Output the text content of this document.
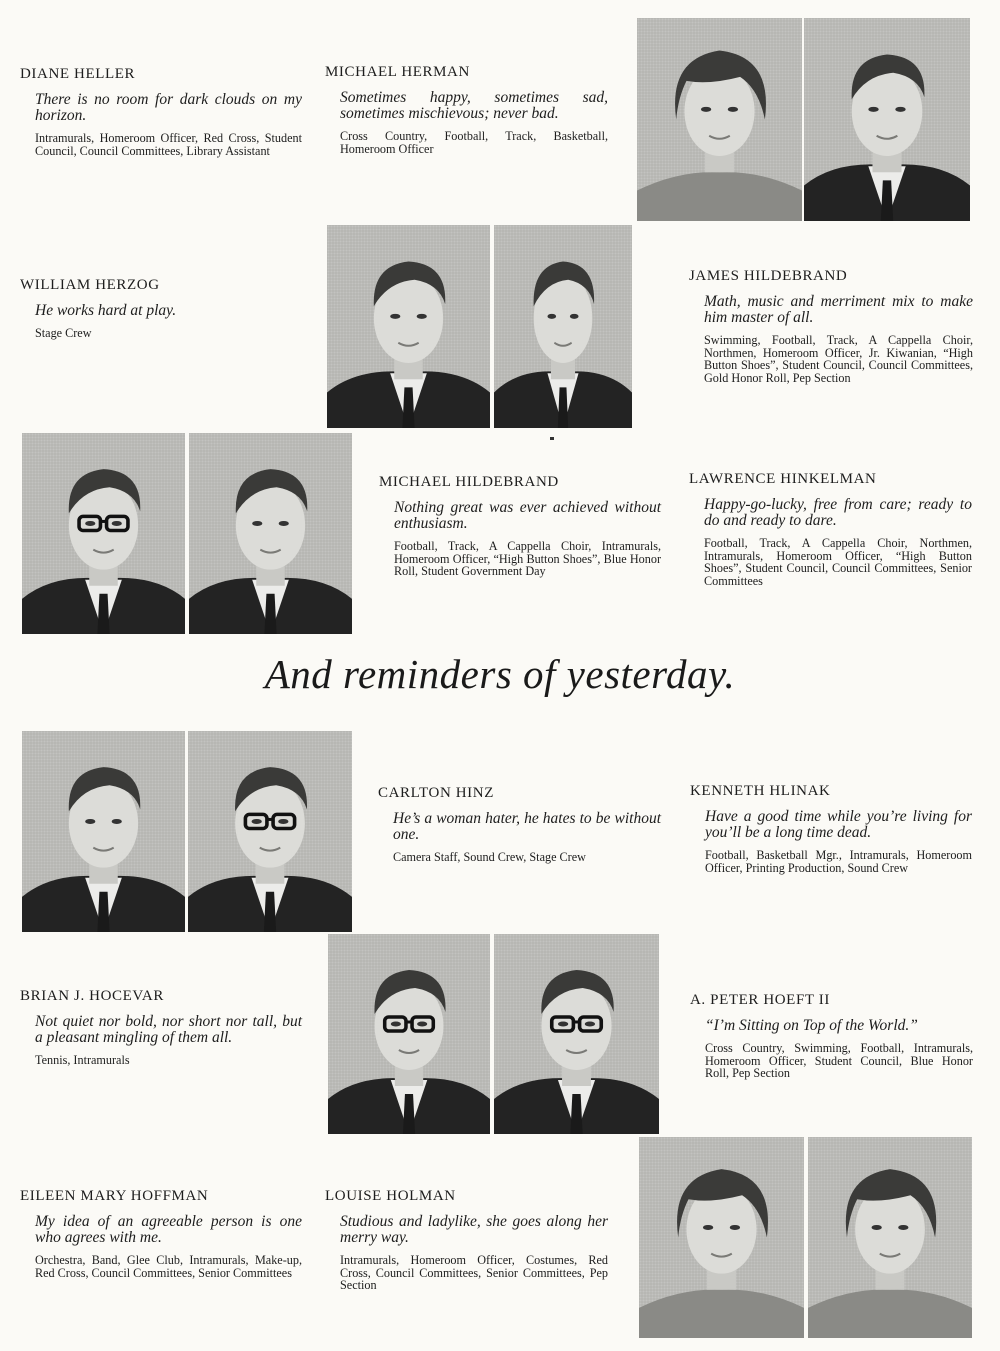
DIANE HELLER
There is no room for dark clouds on my horizon.
Intramurals, Homeroom Officer, Red Cross, Student Council, Council Committees, Library Assistant
MICHAEL HERMAN
Sometimes happy, sometimes sad, sometimes mischievous; never bad.
Cross Country, Football, Track, Basketball, Homeroom Officer
WILLIAM HERZOG
He works hard at play.
Stage Crew
JAMES HILDEBRAND
Math, music and merriment mix to make him master of all.
Swimming, Football, Track, A Cappella Choir, Northmen, Homeroom Officer, Jr. Kiwanian, “High Button Shoes”, Student Council, Council Committees, Gold Honor Roll, Pep Section
MICHAEL HILDEBRAND
Nothing great was ever achieved without enthusiasm.
Football, Track, A Cappella Choir, Intramurals, Homeroom Officer, “High Button Shoes”, Blue Honor Roll, Student Government Day
LAWRENCE HINKELMAN
Happy-go-lucky, free from care; ready to do and ready to dare.
Football, Track, A Cappella Choir, Northmen, Intramurals, Homeroom Officer, “High Button Shoes”, Student Council, Council Committees, Senior Committees
And reminders of yesterday.
CARLTON HINZ
He’s a woman hater, he hates to be without one.
Camera Staff, Sound Crew, Stage Crew
KENNETH HLINAK
Have a good time while you’re living for you’ll be a long time dead.
Football, Basketball Mgr., Intramurals, Homeroom Officer, Printing Production, Sound Crew
BRIAN J. HOCEVAR
Not quiet nor bold, nor short nor tall, but a pleasant mingling of them all.
Tennis, Intramurals
A. PETER HOEFT II
“I’m Sitting on Top of the World.”
Cross Country, Swimming, Football, Intramurals, Homeroom Officer, Student Council, Blue Honor Roll, Pep Section
EILEEN MARY HOFFMAN
My idea of an agreeable person is one who agrees with me.
Orchestra, Band, Glee Club, Intramurals, Make-up, Red Cross, Council Committees, Senior Committees
LOUISE HOLMAN
Studious and ladylike, she goes along her merry way.
Intramurals, Homeroom Officer, Costumes, Red Cross, Council Committees, Senior Committees, Pep Section
